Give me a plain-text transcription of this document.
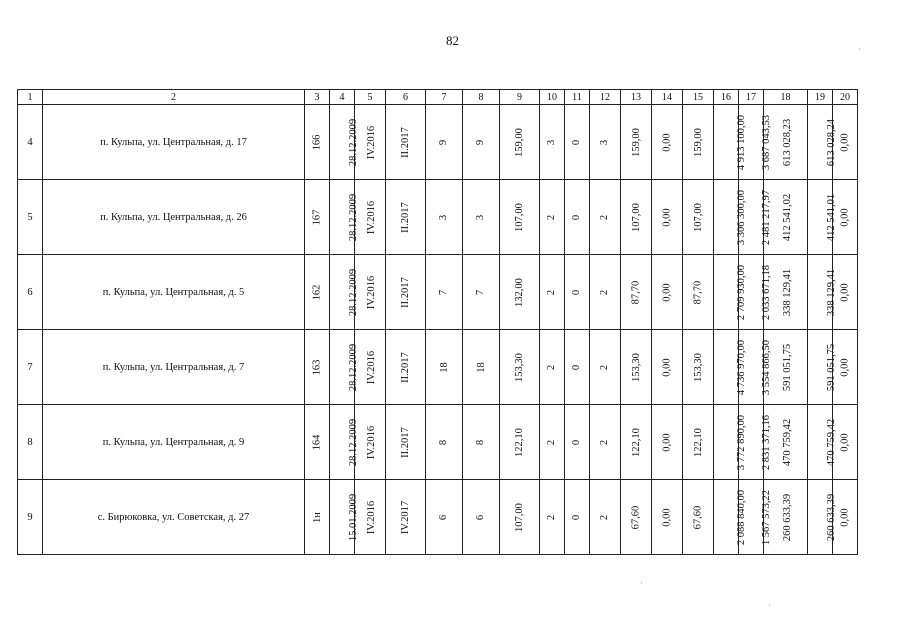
82
1	2	3	4	5	6	7	8	9	10	11	12	13	14	15	16	17	18	19	20
4	п. Кульпа, ул. Центральная, д. 17	166	28.12.2009	IV.2016	II.2017	9	9	159,00	3	0	3	159,00	0,00	159,00	4 913 100,00	3 687 043,53	613 028,23	613 028,24	0,00
5	п. Кульпа, ул. Центральная, д. 26	167	28.12.2009	IV.2016	II.2017	3	3	107,00	2	0	2	107,00	0,00	107,00	3 306 300,00	2 481 217,97	412 541,02	412 541,01	0,00
6	п. Кульпа, ул. Центральная, д. 5	162	28.12.2009	IV.2016	II.2017	7	7	132,00	2	0	2	87,70	0,00	87,70	2 709 930,00	2 033 671,18	338 129,41	338 129,41	0,00
7	п. Кульпа, ул. Центральная, д. 7	163	28.12.2009	IV.2016	II.2017	18	18	153,30	2	0	2	153,30	0,00	153,30	4 736 970,00	3 554 866,50	591 051,75	591 051,75	0,00
8	п. Кульпа, ул. Центральная, д. 9	164	28.12.2009	IV.2016	II.2017	8	8	122,10	2	0	2	122,10	0,00	122,10	3 772 890,00	2 831 371,16	470 759,42	470 759,42	0,00
9	с. Бирюковка, ул. Советская, д. 27	1н	15.01.2009	IV.2016	IV.2017	6	6	107,00	2	0	2	67,60	0,00	67,60	2 088 840,00	1 567 573,22	260 633,39	260 633,39	0,00
·
·
·
